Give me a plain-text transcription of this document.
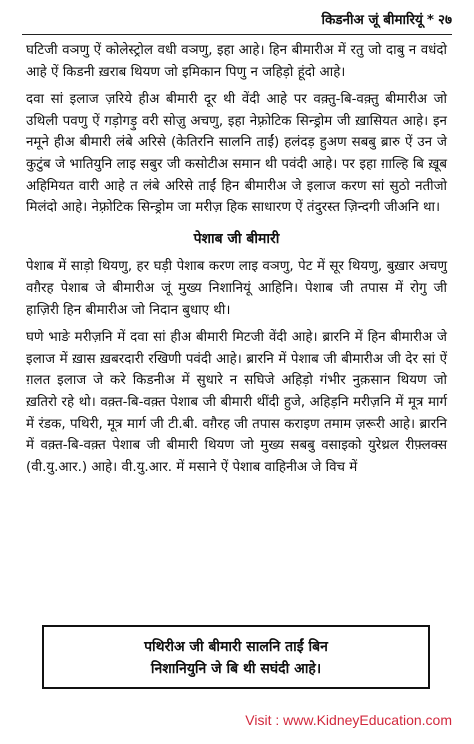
किडनीअ जूं बीमारियूं * २७

घटिजी वञणु ऐं कोलेस्ट्रोल वधी वञणु, इहा आहे। हिन बीमारीअ में रतु जो दाबु न वधंदो आहे ऐं किडनी ख़राब थियण जो इमिकान पिणु न जहिड़ो हूंदो आहे।

दवा सां इलाज ज़रिये हीअ बीमारी दूर थी वेंदी आहे पर वक़्तु-बि-वक़्तु बीमारीअ जो उथिली पवणु ऐं गड़ोगड़ु वरी सोजु़ अचणु, इहा नेफ़्रोटिक सिन्ड्रोम जी ख़ासियत आहे। इन नमूने हीअ बीमारी लंबे अरिसे (केतिरनि सालनि ताईं) हलंदड़ हुअण सबबु ब्रारु ऐं उन जे कुटुंब जे भातियुनि लाइ सबुर जी कसोटीअ समान थी पवंदी आहे। पर इहा ग़ाल्हि बि ख़ूब अहिमियत वारी आहे त लंबे अरिसे ताईं हिन बीमारीअ जे इलाज करण सां सुठो नतीजो मिलंदो आहे। नेफ़्रोटिक सिन्ड्रोम जा मरीज़ हिक साधारण ऐं तंदुरस्त ज़िन्दगी जीअनि था।

पेशाब जी बीमारी

पेशाब में साड़ो थियणु, हर घड़ी पेशाब करण लाइ वञणु, पेट में सूर थियणु, बुख़ार अचणु वग़ैरह पेशाब जे बीमारीअ जूं मुख्य निशानियूं आहिनि। पेशाब जी तपास में रोगु जी हाज़िरी हिन बीमारीअ जो निदान बुधाए थी।

घणे भाङे मरीज़नि में दवा सां हीअ बीमारी मिटजी वेंदी आहे। ब्रारनि में हिन बीमारीअ जे इलाज में ख़ास ख़बरदारी रखिणी पवंदी आहे। ब्रारनि में पेशाब जी बीमारीअ जी देर सां ऐं ग़लत इलाज जे करे किडनीअ में सुधारे न सघिजे अहिड़ो गंभीर नुक़सान थियण जो ख़तिरो रहे थो। वक़्त-बि-वक़्त पेशाब जी बीमारी थींदी हुजे, अहिड़नि मरीज़नि में मूत्र मार्ग में रंडक, पथिरी, मूत्र मार्ग जी टी.बी. वग़ैरह जी तपास कराइण तमाम ज़रूरी आहे। ब्रारनि में वक़्त-बि-वक़्त पेशाब जी बीमारी थियण जो मुख्य सबबु वसाइको युरेथ्रल रीफ़्लक्स (वी.यु.आर.) आहे। वी.यु.आर. में मसाने ऐं पेशाब वाहिनीअ जे विच में

पथिरीअ जी बीमारी सालनि ताईं बिन
निशानियुनि जे बि थी सघंदी आहे।
Visit : www.KidneyEducation.com
